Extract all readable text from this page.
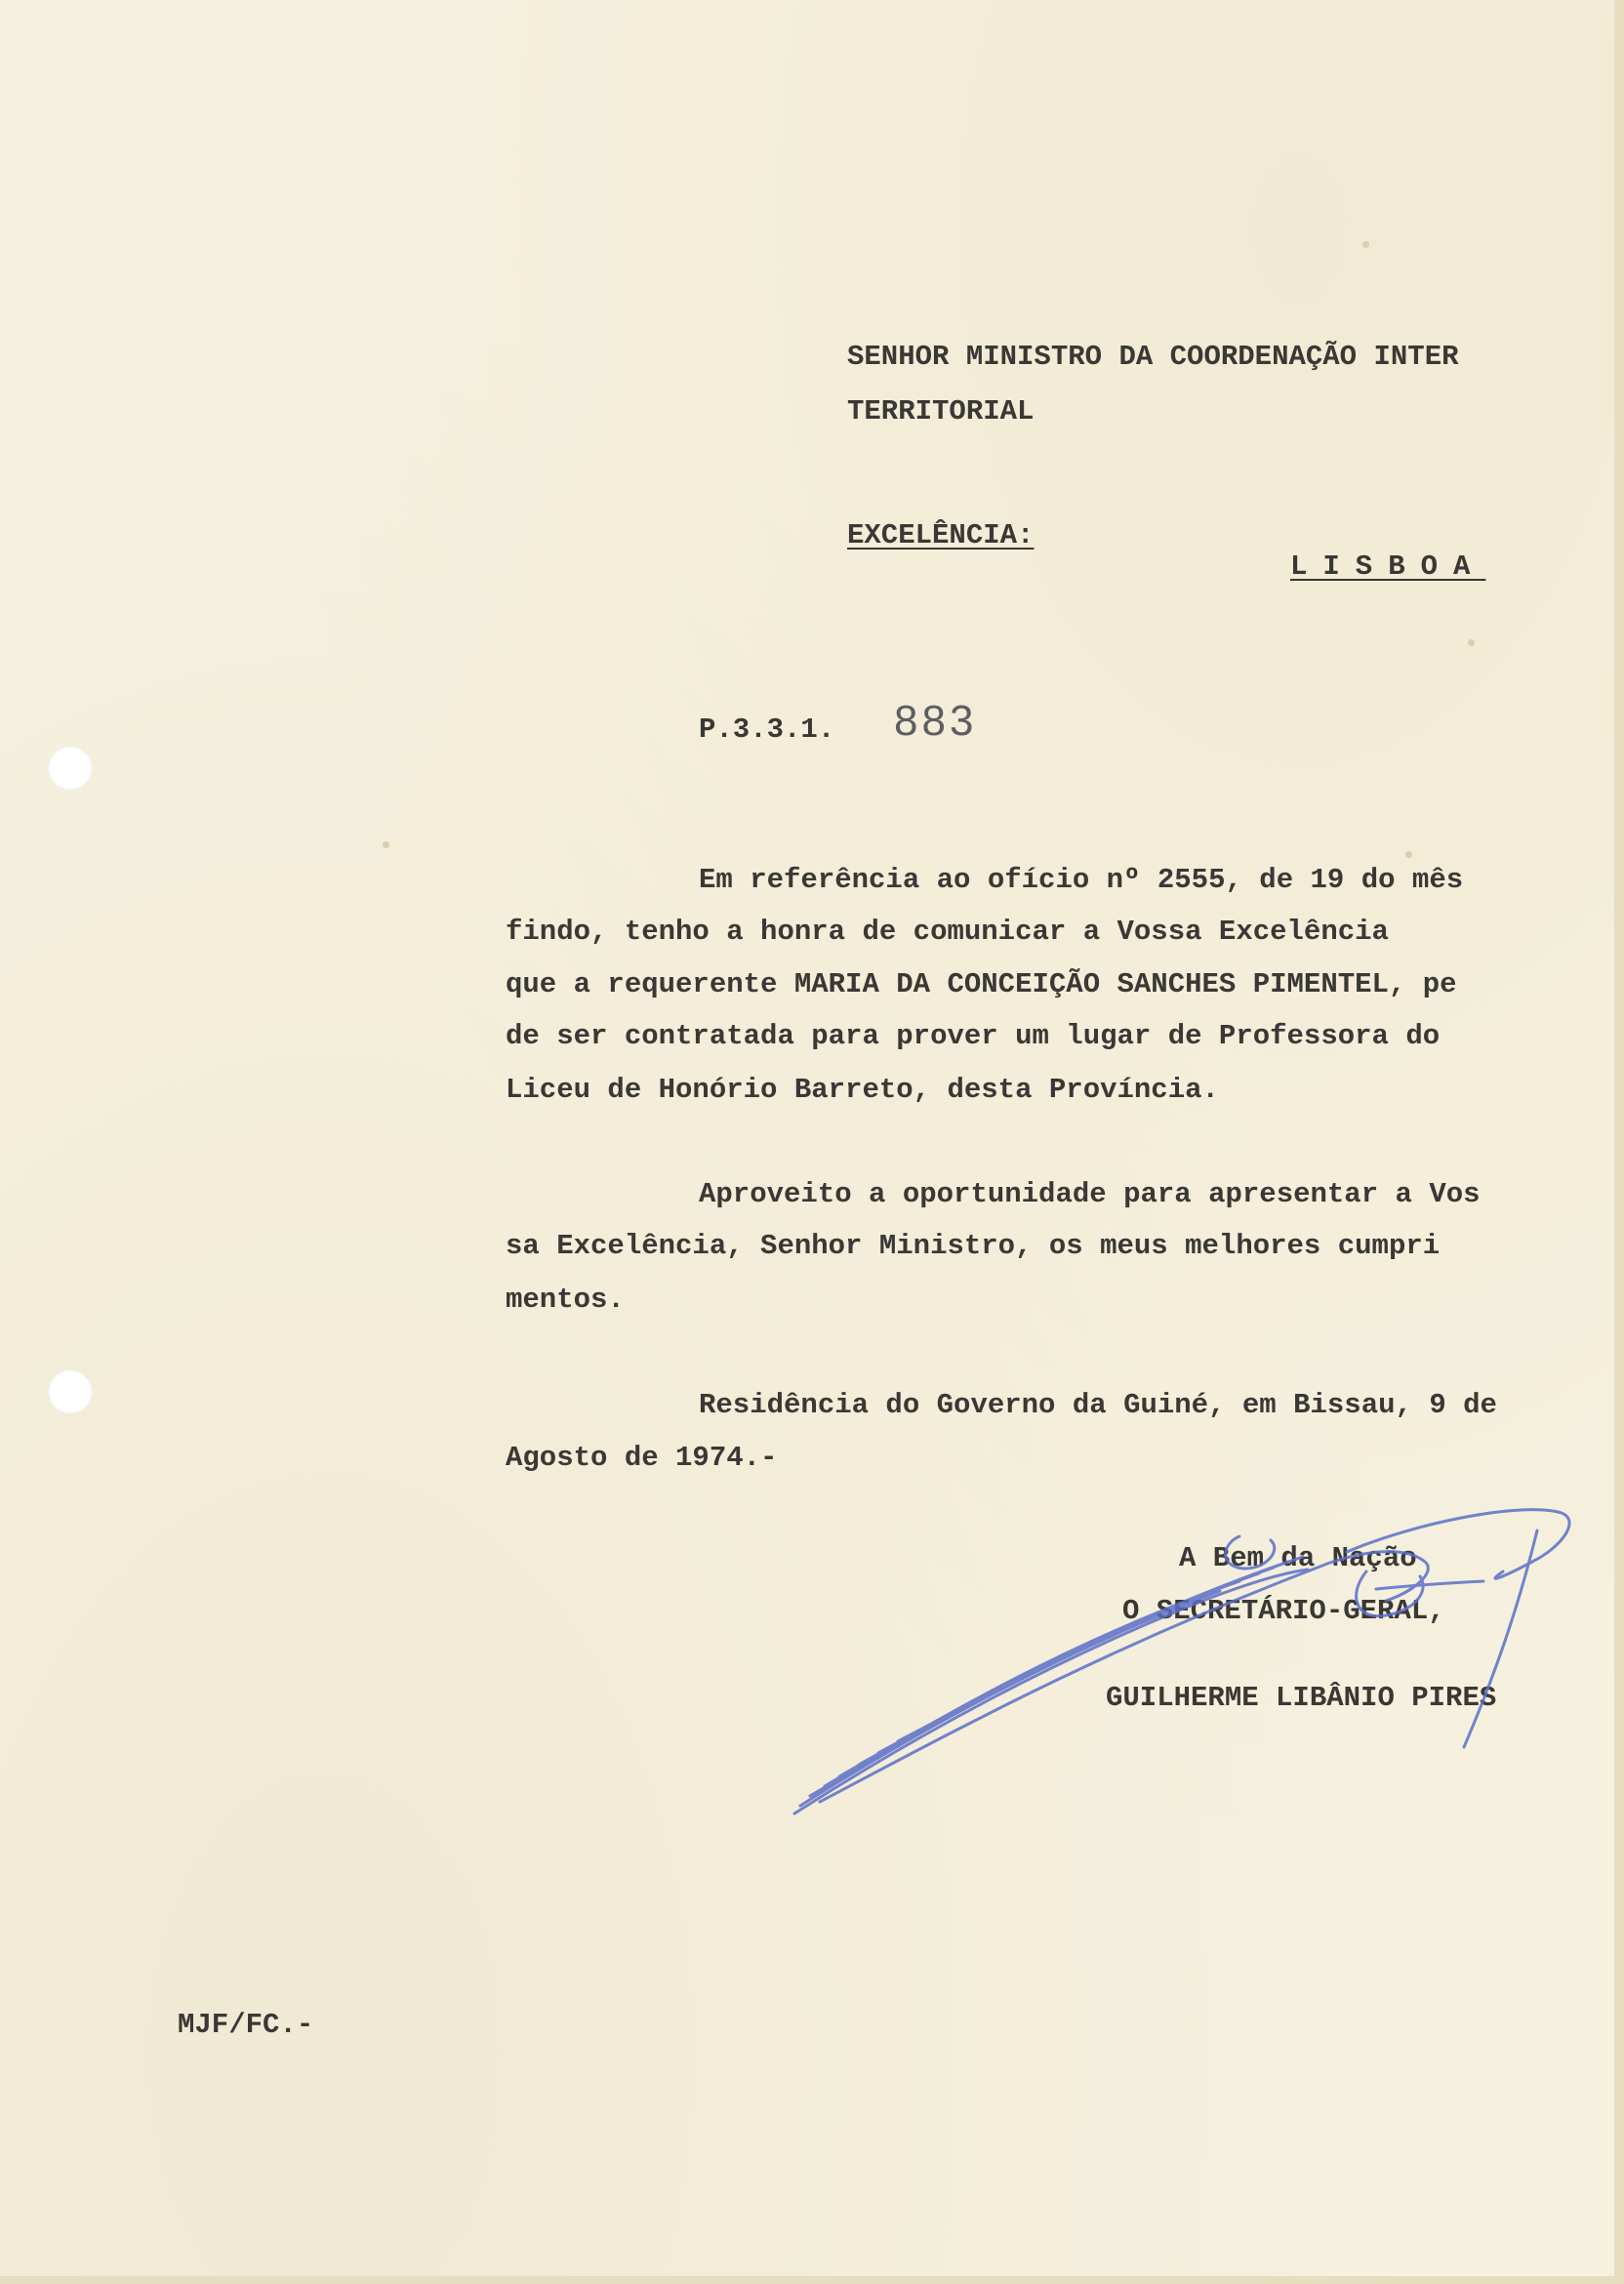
SENHOR MINISTRO DA COORDENAÇÃO INTER
TERRITORIAL
EXCELÊNCIA:
LISBOA
P.3.3.1. 883
Em referência ao ofício nº 2555, de 19 do mês
findo, tenho a honra de comunicar a Vossa Excelência
que a requerente MARIA DA CONCEIÇÃO SANCHES PIMENTEL, pe
de ser contratada para prover um lugar de Professora do
Liceu de Honório Barreto, desta Província.
Aproveito a oportunidade para apresentar a Vos
sa Excelência, Senhor Ministro, os meus melhores cumpri
mentos.
Residência do Governo da Guiné, em Bissau, 9 de
Agosto de 1974.-
A Bem da Nação
O SECRETÁRIO-GERAL,
GUILHERME LIBÂNIO PIRES
MJF/FC.-
